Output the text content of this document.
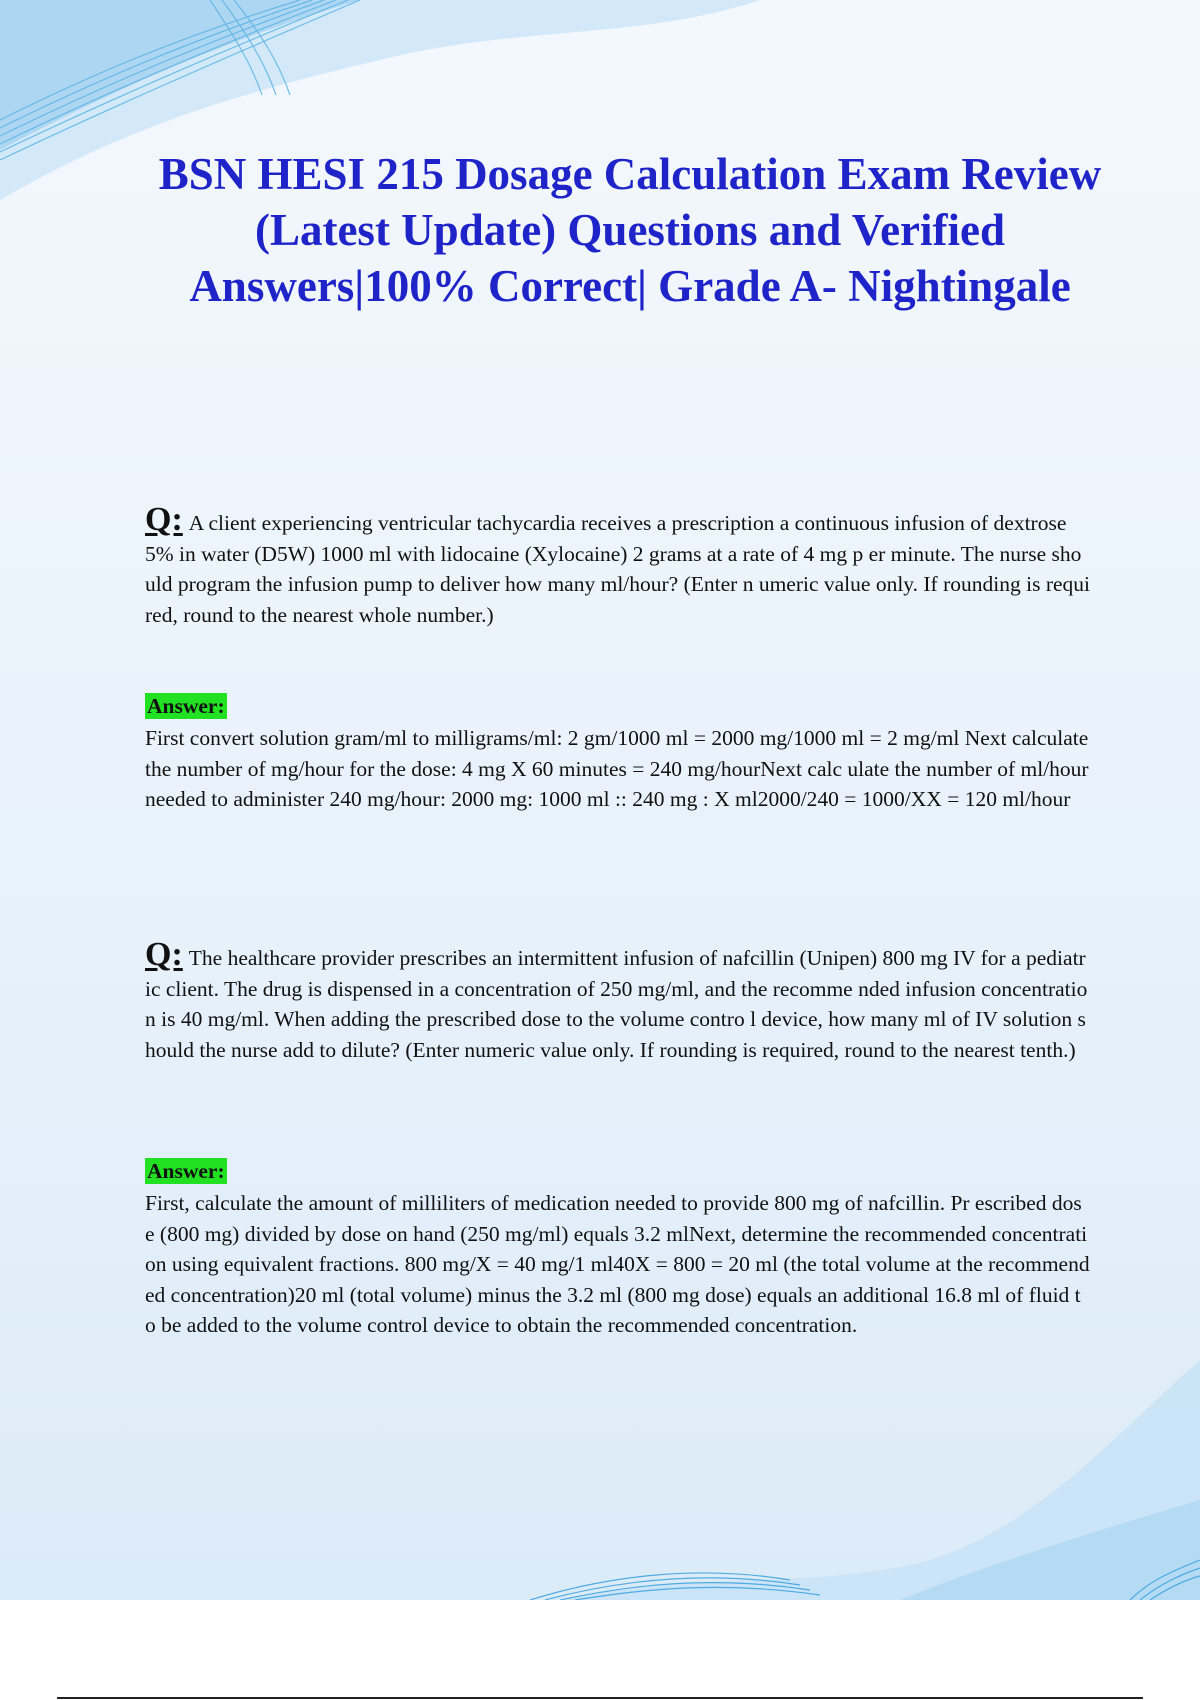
BSN HESI 215 Dosage Calculation Exam Review (Latest Update) Questions and Verified Answers|100% Correct| Grade A- Nightingale

Q: A client experiencing ventricular tachycardia receives a prescription a continuous infusion of dextrose 5% in water (D5W) 1000 ml with lidocaine (Xylocaine) 2 grams at a rate of 4 mg p er minute. The nurse should program the infusion pump to deliver how many ml/hour? (Enter n umeric value only. If rounding is required, round to the nearest whole number.)

Answer:

First convert solution gram/ml to milligrams/ml: 2 gm/1000 ml = 2000 mg/1000 ml = 2 mg/ml Next calculate the number of mg/hour for the dose: 4 mg X 60 minutes = 240 mg/hourNext calc ulate the number of ml/hour needed to administer 240 mg/hour: 2000 mg: 1000 ml :: 240 mg : X ml2000/240 = 1000/XX = 120 ml/hour

Q: The healthcare provider prescribes an intermittent infusion of nafcillin (Unipen) 800 mg IV for a pediatric client. The drug is dispensed in a concentration of 250 mg/ml, and the recomme nded infusion concentration is 40 mg/ml. When adding the prescribed dose to the volume contro l device, how many ml of IV solution should the nurse add to dilute? (Enter numeric value only. If rounding is required, round to the nearest tenth.)

Answer:

First, calculate the amount of milliliters of medication needed to provide 800 mg of nafcillin. Pr escribed dose (800 mg) divided by dose on hand (250 mg/ml) equals 3.2 mlNext, determine the recommended concentration using equivalent fractions. 800 mg/X = 40 mg/1 ml40X = 800 = 20 ml (the total volume at the recommended concentration)20 ml (total volume) minus the 3.2 ml (800 mg dose) equals an additional 16.8 ml of fluid to be added to the volume control device to obtain the recommended concentration.
